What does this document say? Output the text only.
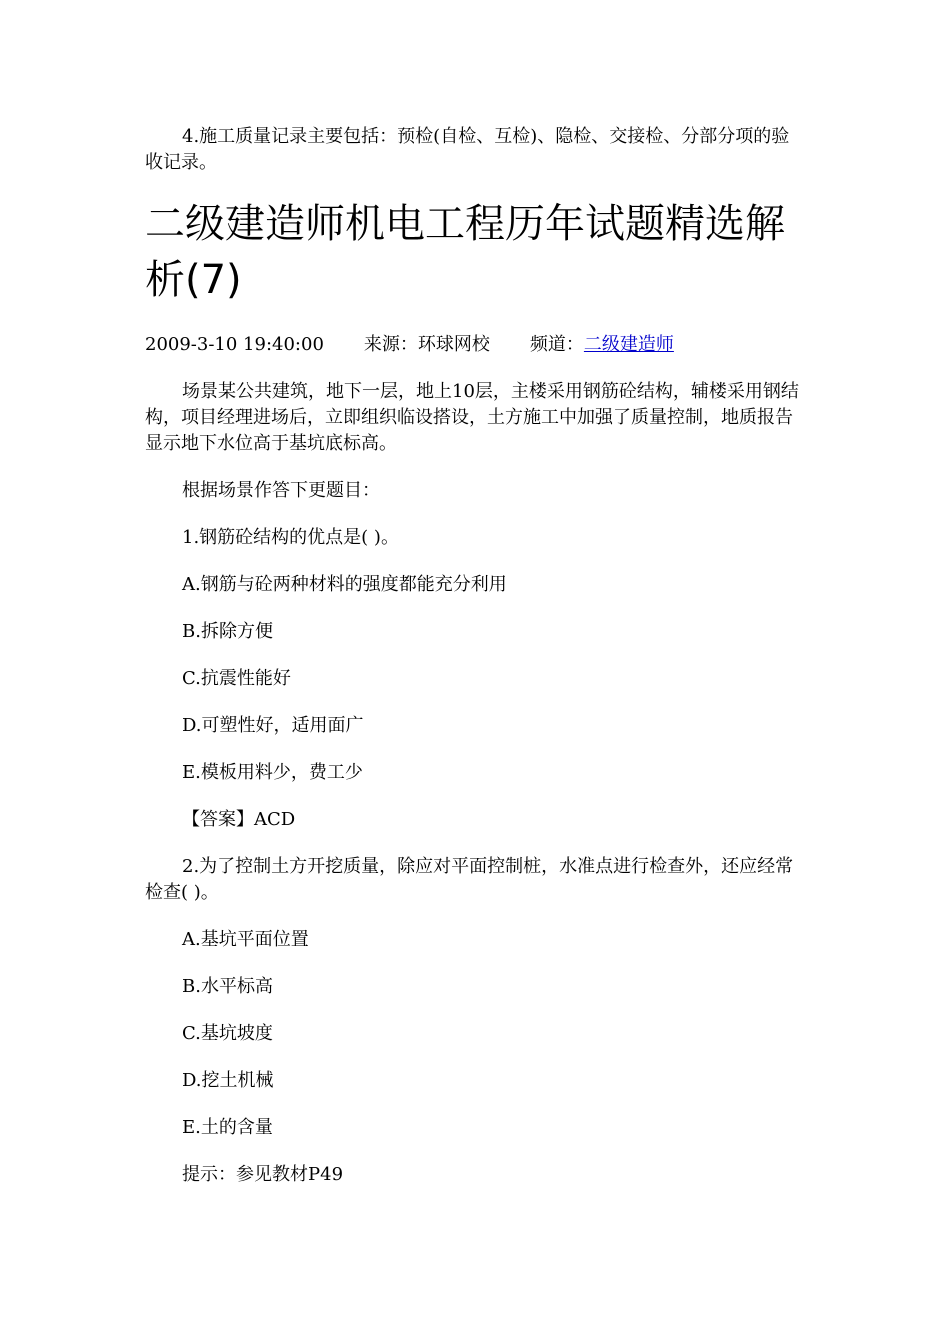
4.施工质量记录主要包括：预检(自检、互检)、隐检、交接检、分部分项的验收记录。

二级建造师机电工程历年试题精选解析(7)

2009-3-10 19:40:00 来源：环球网校 频道：二级建造师

场景某公共建筑，地下一层，地上10层，主楼采用钢筋砼结构，辅楼采用钢结构，项目经理进场后，立即组织临设搭设，土方施工中加强了质量控制，地质报告显示地下水位高于基坑底标高。

根据场景作答下更题目：

1.钢筋砼结构的优点是( )。

A.钢筋与砼两种材料的强度都能充分利用

B.拆除方便

C.抗震性能好

D.可塑性好，适用面广

E.模板用料少，费工少

【答案】ACD

2.为了控制土方开挖质量，除应对平面控制桩，水准点进行检查外，还应经常检查( )。

A.基坑平面位置

B.水平标高

C.基坑坡度

D.挖土机械

E.土的含量

提示：参见教材P49
